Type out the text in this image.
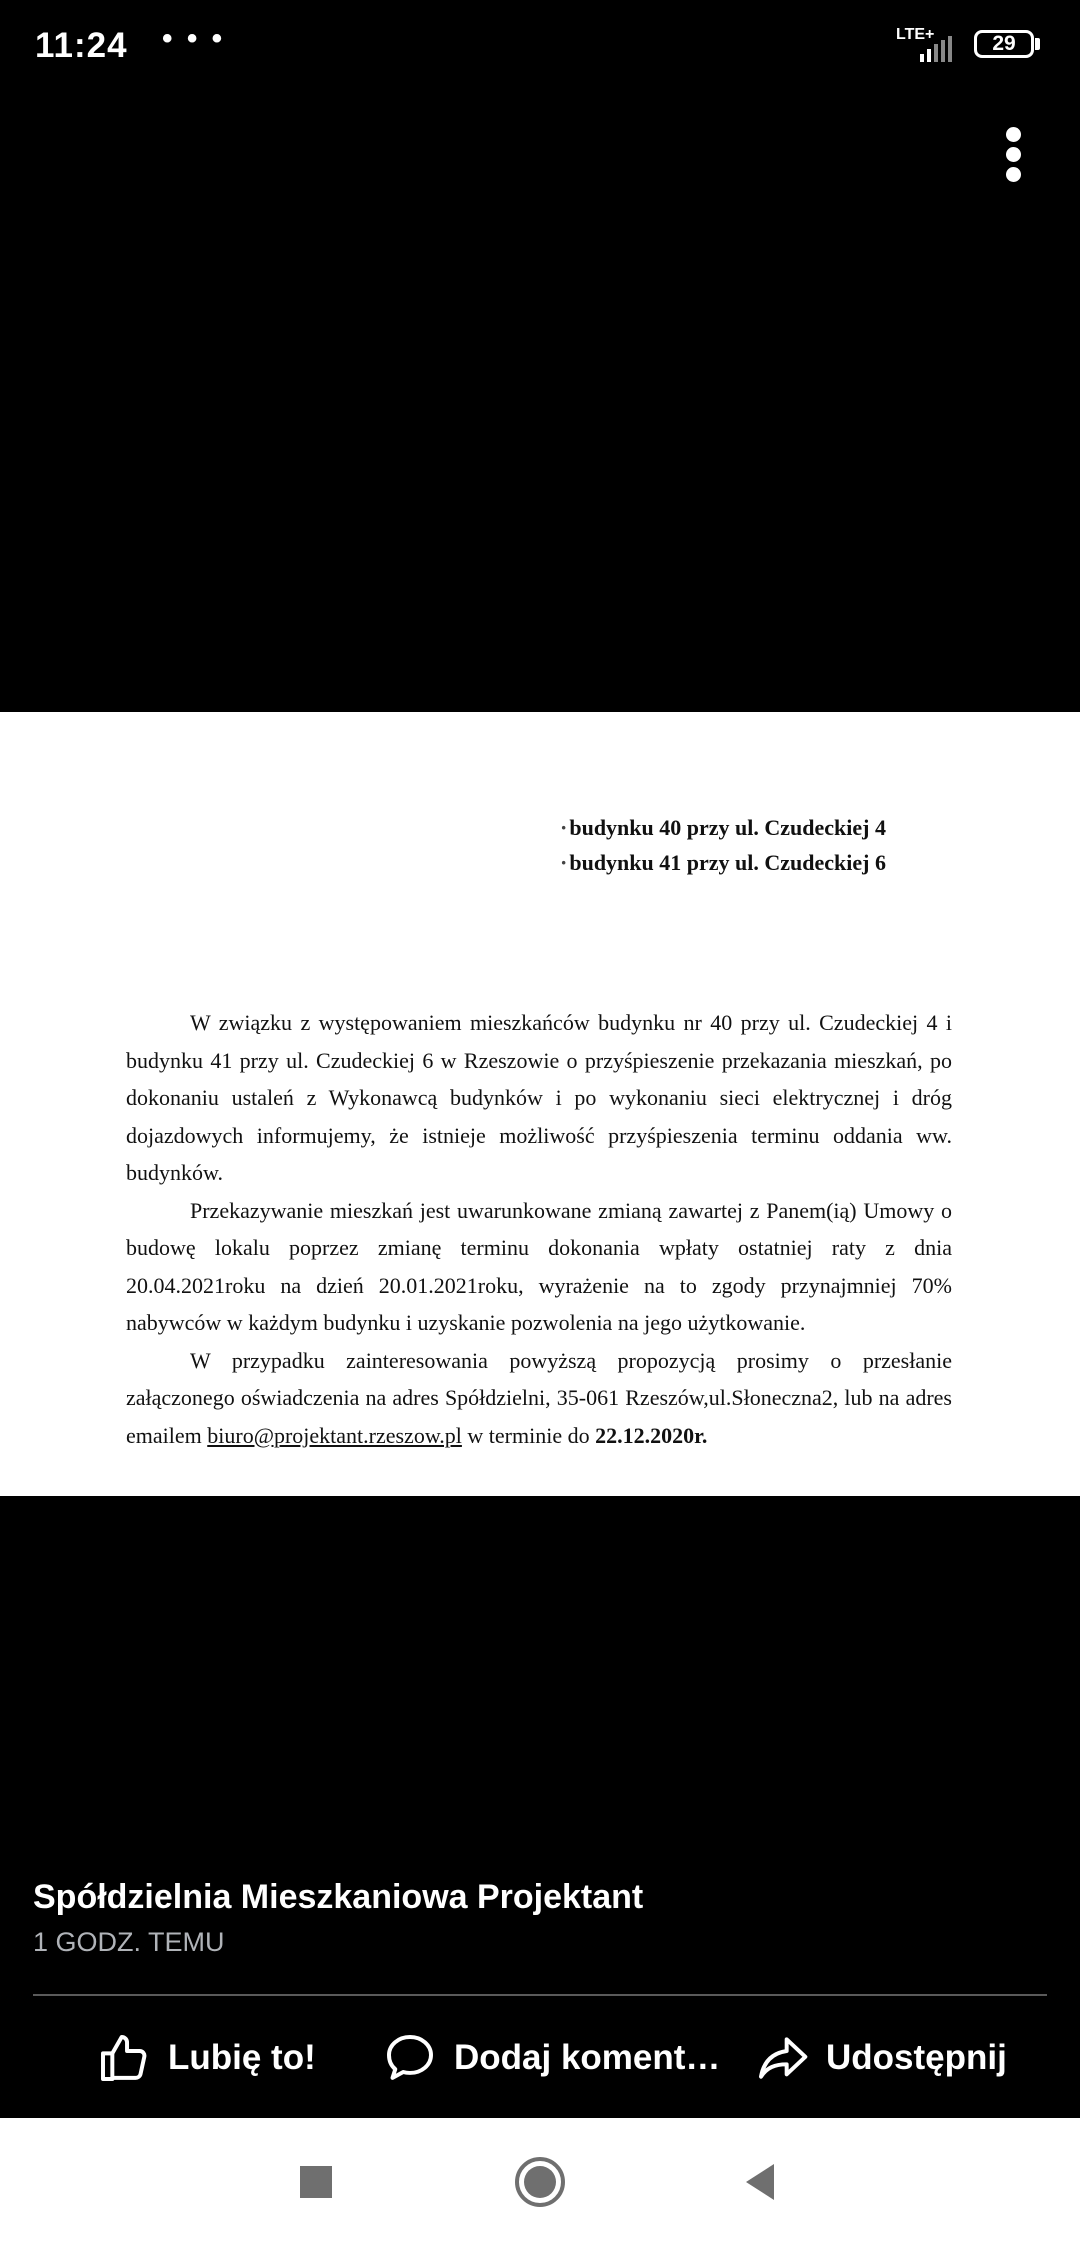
11:24 • • •	LTE+	29
· budynku 40 przy ul. Czudeckiej 4
· budynku 41 przy ul. Czudeckiej 6

W związku z występowaniem mieszkańców budynku nr 40 przy ul. Czudeckiej 4 i budynku 41 przy ul. Czudeckiej 6 w Rzeszowie o przyśpieszenie przekazania mieszkań, po dokonaniu ustaleń z Wykonawcą budynków i po wykonaniu sieci elektrycznej i dróg dojazdowych informujemy, że istnieje możliwość przyśpieszenia terminu oddania ww. budynków.

Przekazywanie mieszkań jest uwarunkowane zmianą zawartej z Panem(ią) Umowy o budowę lokalu poprzez zmianę terminu dokonania wpłaty ostatniej raty z dnia 20.04.2021roku na dzień 20.01.2021roku, wyrażenie na to zgody przynajmniej 70% nabywców w każdym budynku i uzyskanie pozwolenia na jego użytkowanie.

W przypadku zainteresowania powyższą propozycją prosimy o przesłanie załączonego oświadczenia na adres Spółdzielni, 35-061 Rzeszów,ul.Słoneczna2, lub na adres emailem biuro@projektant.rzeszow.pl w terminie do 22.12.2020r.

Spółdzielnia Mieszkaniowa Projektant
1 GODZ. TEMU
Lubię to!	Dodaj koment…	Udostępnij
